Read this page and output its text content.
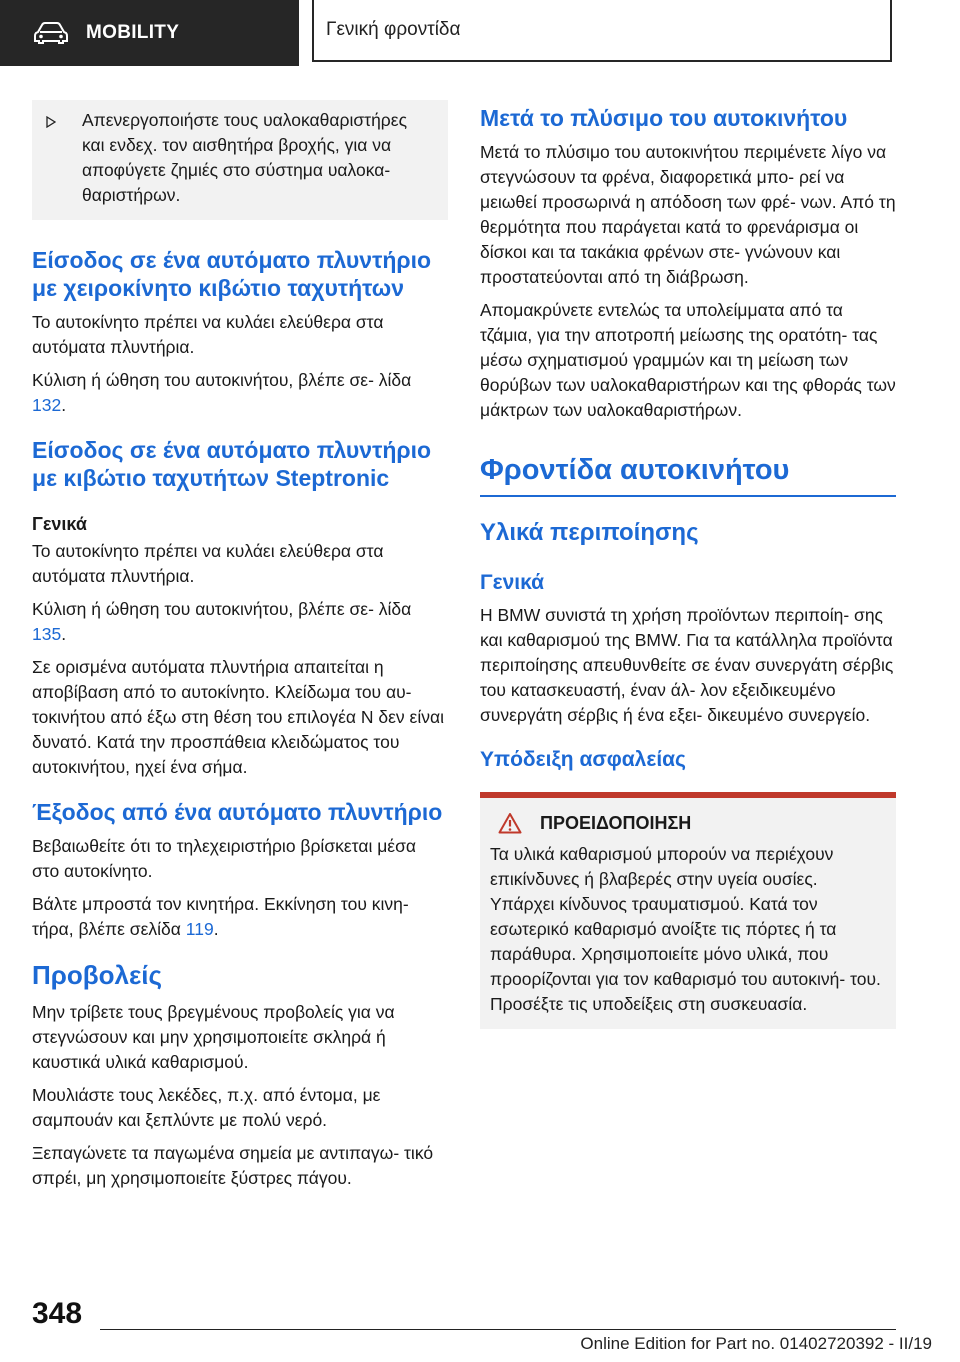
MOBILITY	Γενική φροντίδα

Απενεργοποιήστε τους υαλοκαθαριστήρες και ενδεχ. τον αισθητήρα βροχής, για να αποφύγετε ζημιές στο σύστημα υαλοκα- θαριστήρων.

Είσοδος σε ένα αυτόματο πλυντήριο με χειροκίνητο κιβώτιο ταχυτήτων

Το αυτοκίνητο πρέπει να κυλάει ελεύθερα στα αυτόματα πλυντήρια.

Κύλιση ή ώθηση του αυτοκινήτου, βλέπε σε- λίδα 132.

Είσοδος σε ένα αυτόματο πλυντήριο με κιβώτιο ταχυτήτων Steptronic
Γενικά

Το αυτοκίνητο πρέπει να κυλάει ελεύθερα στα αυτόματα πλυντήρια.

Κύλιση ή ώθηση του αυτοκινήτου, βλέπε σε- λίδα 135.

Σε ορισμένα αυτόματα πλυντήρια απαιτείται η αποβίβαση από το αυτοκίνητο. Κλείδωμα του αυ- τοκινήτου από έξω στη θέση του επιλογέα N δεν είναι δυνατό. Κατά την προσπάθεια κλειδώματος του αυτοκινήτου, ηχεί ένα σήμα.

Έξοδος από ένα αυτόματο πλυντήριο

Βεβαιωθείτε ότι το τηλεχειριστήριο βρίσκεται μέσα στο αυτοκίνητο.

Βάλτε μπροστά τον κινητήρα. Εκκίνηση του κινη- τήρα, βλέπε σελίδα 119.

Προβολείς

Μην τρίβετε τους βρεγμένους προβολείς για να στεγνώσουν και μην χρησιμοποιείτε σκληρά ή καυστικά υλικά καθαρισμού.

Μουλιάστε τους λεκέδες, π.χ. από έντομα, με σαμπουάν και ξεπλύντε με πολύ νερό.

Ξεπαγώνετε τα παγωμένα σημεία με αντιπαγω- τικό σπρέι, μη χρησιμοποιείτε ξύστρες πάγου.

Μετά το πλύσιμο του αυτοκινήτου

Μετά το πλύσιμο του αυτοκινήτου περιμένετε λίγο να στεγνώσουν τα φρένα, διαφορετικά μπο- ρεί να μειωθεί προσωρινά η απόδοση των φρέ- νων. Από τη θερμότητα που παράγεται κατά το φρενάρισμα οι δίσκοι και τα τακάκια φρένων στε- γνώνουν και προστατεύονται από τη διάβρωση.

Απομακρύνετε εντελώς τα υπολείμματα από τα τζάμια, για την αποτροπή μείωσης της ορατότη- τας μέσω σχηματισμού γραμμών και τη μείωση των θορύβων των υαλοκαθαριστήρων και της φθοράς των μάκτρων των υαλοκαθαριστήρων.

Φροντίδα αυτοκινήτου
Υλικά περιποίησης
Γενικά

Η BMW συνιστά τη χρήση προϊόντων περιποίη- σης και καθαρισμού της BMW. Για τα κατάλληλα προϊόντα περιποίησης απευθυνθείτε σε έναν συνεργάτη σέρβις του κατασκευαστή, έναν άλ- λον εξειδικευμένο συνεργάτη σέρβις ή ένα εξει- δικευμένο συνεργείο.

Υπόδειξη ασφαλείας
ΠΡΟΕΙΔΟΠΟΙΗΣΗ

Τα υλικά καθαρισμού μπορούν να περιέχουν επικίνδυνες ή βλαβερές στην υγεία ουσίες. Υπάρχει κίνδυνος τραυματισμού. Κατά τον εσωτερικό καθαρισμό ανοίξτε τις πόρτες ή τα παράθυρα. Χρησιμοποιείτε μόνο υλικά, που προορίζονται για τον καθαρισμό του αυτοκινή- του. Προσέξτε τις υποδείξεις στη συσκευασία.

348
Online Edition for Part no. 01402720392 - II/19
